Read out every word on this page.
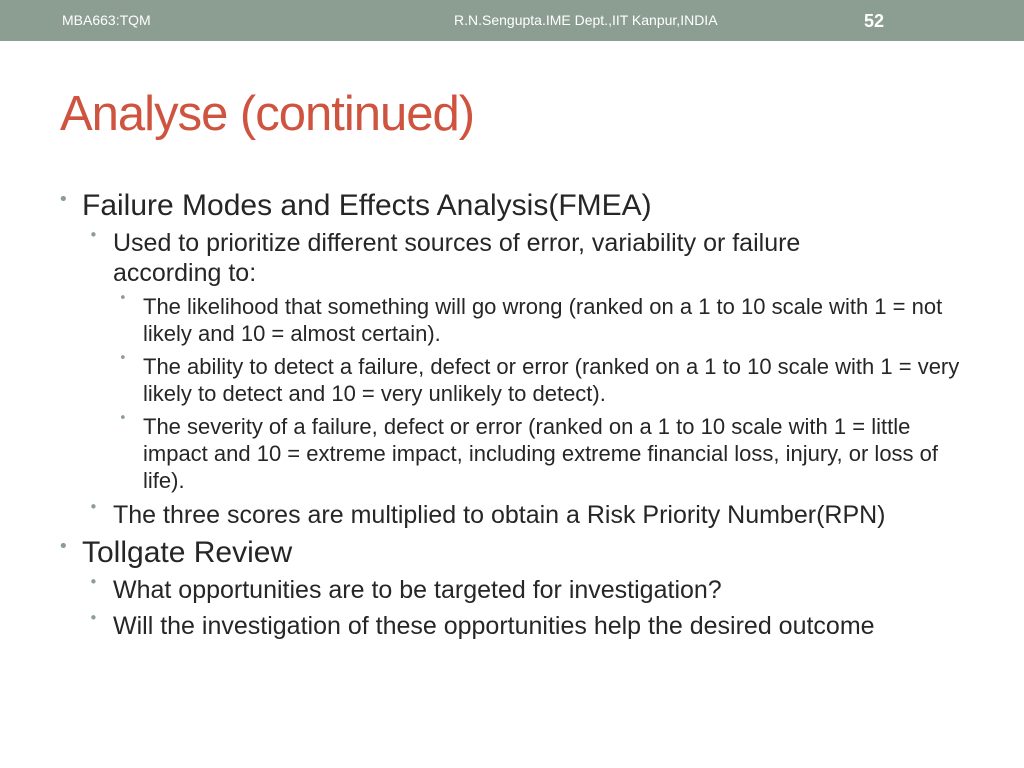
MBA663:TQM	R.N.Sengupta.IME Dept.,IIT Kanpur,INDIA	52
Analyse (continued)
• Failure Modes and Effects Analysis(FMEA)
• Used to prioritize different sources of error, variability or failure according to:
• The likelihood that something will go wrong (ranked on a 1 to 10 scale with 1 = not likely and 10 = almost certain).
• The ability to detect a failure, defect or error (ranked on a 1 to 10 scale with 1 = very likely to detect and 10 = very unlikely to detect).
• The severity of a failure, defect or error (ranked on a 1 to 10 scale with 1 = little impact and 10 = extreme impact, including extreme financial loss, injury, or loss of life).
• The three scores are multiplied to obtain a Risk Priority Number(RPN)
• Tollgate Review
• What opportunities are to be targeted for investigation?
• Will the investigation of these opportunities help the desired outcome
